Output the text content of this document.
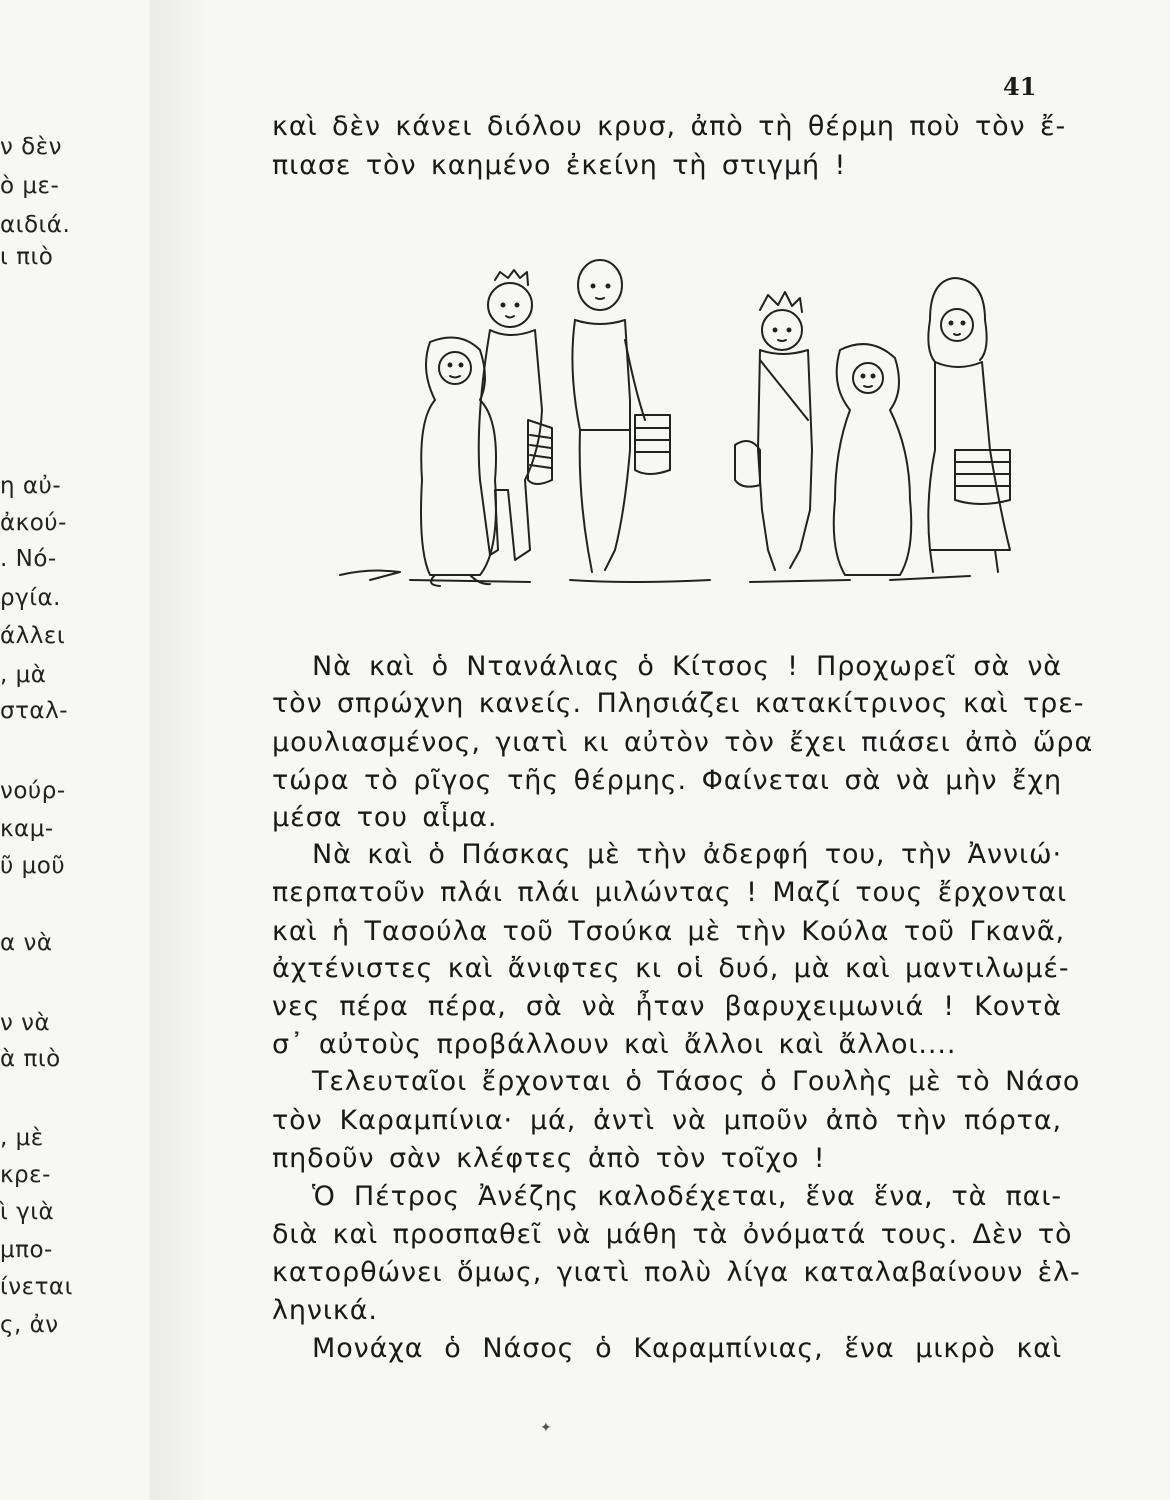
ν δὲν
ὸ με-
αιδιά.
ι πιὸ
η αὐ-
ἀκού-
. Νό-
ργία.
άλλει
, μὰ
σταλ-
νούρ-
καμ-
ῦ μοῦ
α νὰ
ν νὰ
ὰ πιὸ
, μὲ
κρε-
ὶ γιὰ
μπο-
ίνεται
ς, ἀν
41
καὶ δὲν κάνει διόλου κρυσ, ἀπὸ τὴ θέρμη ποὺ τὸν ἔ-
πιασε τὸν καημένο ἐκείνη τὴ στιγμή !
Νὰ καὶ ὁ Ντανάλιας ὁ Κίτσος ! Προχωρεῖ σὰ νὰ
τὸν σπρώχνη κανείς. Πλησιάζει κατακίτρινος καὶ τρε-
μουλιασμένος, γιατὶ κι αὐτὸν τὸν ἔχει πιάσει ἀπὸ ὥρα
τώρα τὸ ρῖγος τῆς θέρμης. Φαίνεται σὰ νὰ μὴν ἔχη
μέσα του αἷμα.
Νὰ καὶ ὁ Πάσκας μὲ τὴν ἀδερφή του, τὴν Ἀννιώ·
περπατοῦν πλάι πλάι μιλώντας ! Μαζί τους ἔρχονται
καὶ ἡ Τασούλα τοῦ Τσούκα μὲ τὴν Κούλα τοῦ Γκανᾶ,
ἀχτένιστες καὶ ἄνιφτες κι οἱ δυό, μὰ καὶ μαντιλωμέ-
νες πέρα πέρα, σὰ νὰ ἦταν βαρυχειμωνιά ! Κοντὰ
σ᾽ αὐτοὺς προβάλλουν καὶ ἄλλοι καὶ ἄλλοι....
Τελευταῖοι ἔρχονται ὁ Τάσος ὁ Γουλὴς μὲ τὸ Νάσο
τὸν Καραμπίνια· μά, ἀντὶ νὰ μποῦν ἀπὸ τὴν πόρτα,
πηδοῦν σὰν κλέφτες ἀπὸ τὸν τοῖχο !
Ὁ Πέτρος Ἀνέζης καλοδέχεται, ἕνα ἕνα, τὰ παι-
διὰ καὶ προσπαθεῖ νὰ μάθη τὰ ὀνόματά τους. Δὲν τὸ
κατορθώνει ὅμως, γιατὶ πολὺ λίγα καταλαβαίνουν ἑλ-
ληνικά.
Μονάχα ὁ Νάσος ὁ Καραμπίνιας, ἕνα μικρὸ καὶ
✦
